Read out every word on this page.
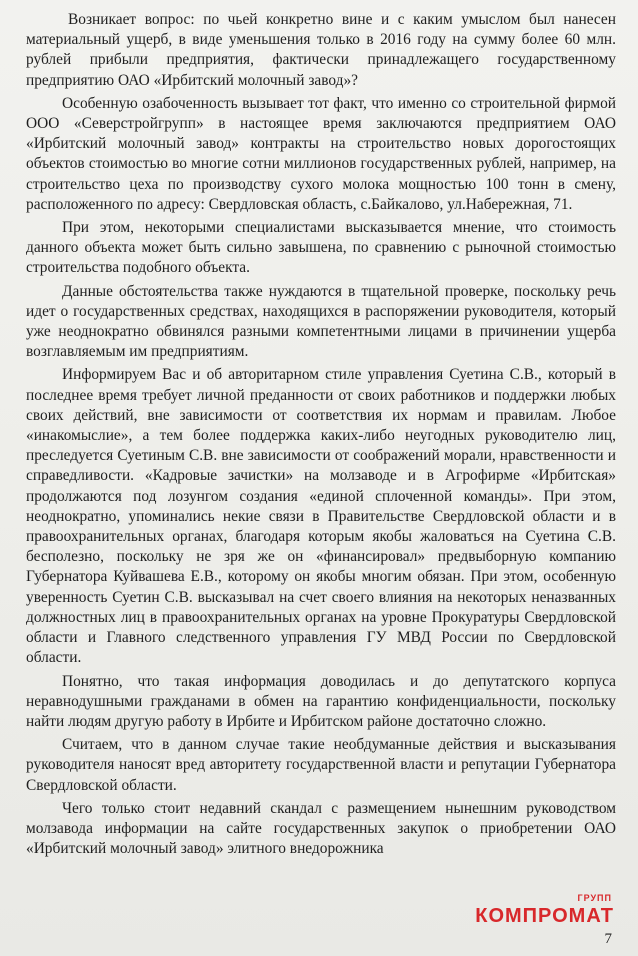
Возникает вопрос: по чьей конкретно вине и с каким умыслом был нанесен материальный ущерб, в виде уменьшения только в 2016 году на сумму более 60 млн. рублей прибыли предприятия, фактически принадлежащего государственному предприятию ОАО «Ирбитский молочный завод»?

Особенную озабоченность вызывает тот факт, что именно со строительной фирмой ООО «Северстройгрупп» в настоящее время заключаются предприятием ОАО «Ирбитский молочный завод» контракты на строительство новых дорогостоящих объектов стоимостью во многие сотни миллионов государственных рублей, например, на строительство цеха по производству сухого молока мощностью 100 тонн в смену, расположенного по адресу: Свердловская область, с.Байкалово, ул.Набережная, 71.

При этом, некоторыми специалистами высказывается мнение, что стоимость данного объекта может быть сильно завышена, по сравнению с рыночной стоимостью строительства подобного объекта.

Данные обстоятельства также нуждаются в тщательной проверке, поскольку речь идет о государственных средствах, находящихся в распоряжении руководителя, который уже неоднократно обвинялся разными компетентными лицами в причинении ущерба возглавляемым им предприятиям.

Информируем Вас и об авторитарном стиле управления Суетина С.В., который в последнее время требует личной преданности от своих работников и поддержки любых своих действий, вне зависимости от соответствия их нормам и правилам. Любое «инакомыслие», а тем более поддержка каких-либо неугодных руководителю лиц, преследуется Суетиным С.В. вне зависимости от соображений морали, нравственности и справедливости. «Кадровые зачистки» на молзаводе и в Агрофирме «Ирбитская» продолжаются под лозунгом создания «единой сплоченной команды». При этом, неоднократно, упоминались некие связи в Правительстве Свердловской области и в правоохранительных органах, благодаря которым якобы жаловаться на Суетина С.В. бесполезно, поскольку не зря же он «финансировал» предвыборную компанию Губернатора Куйвашева Е.В., которому он якобы многим обязан. При этом, особенную уверенность Суетин С.В. высказывал на счет своего влияния на некоторых неназванных должностных лиц в правоохранительных органах на уровне Прокуратуры Свердловской области и Главного следственного управления ГУ МВД России по Свердловской области.

Понятно, что такая информация доводилась и до депутатского корпуса неравнодушными гражданами в обмен на гарантию конфиденциальности, поскольку найти людям другую работу в Ирбите и Ирбитском районе достаточно сложно.

Считаем, что в данном случае такие необдуманные действия и высказывания руководителя наносят вред авторитету государственной власти и репутации Губернатора Свердловской области.

Чего только стоит недавний скандал с размещением нынешним руководством молзавода информации на сайте государственных закупок о приобретении ОАО «Ирбитский молочный завод» элитного внедорожника

КОМПРОМАТ
ГРУПП
7
